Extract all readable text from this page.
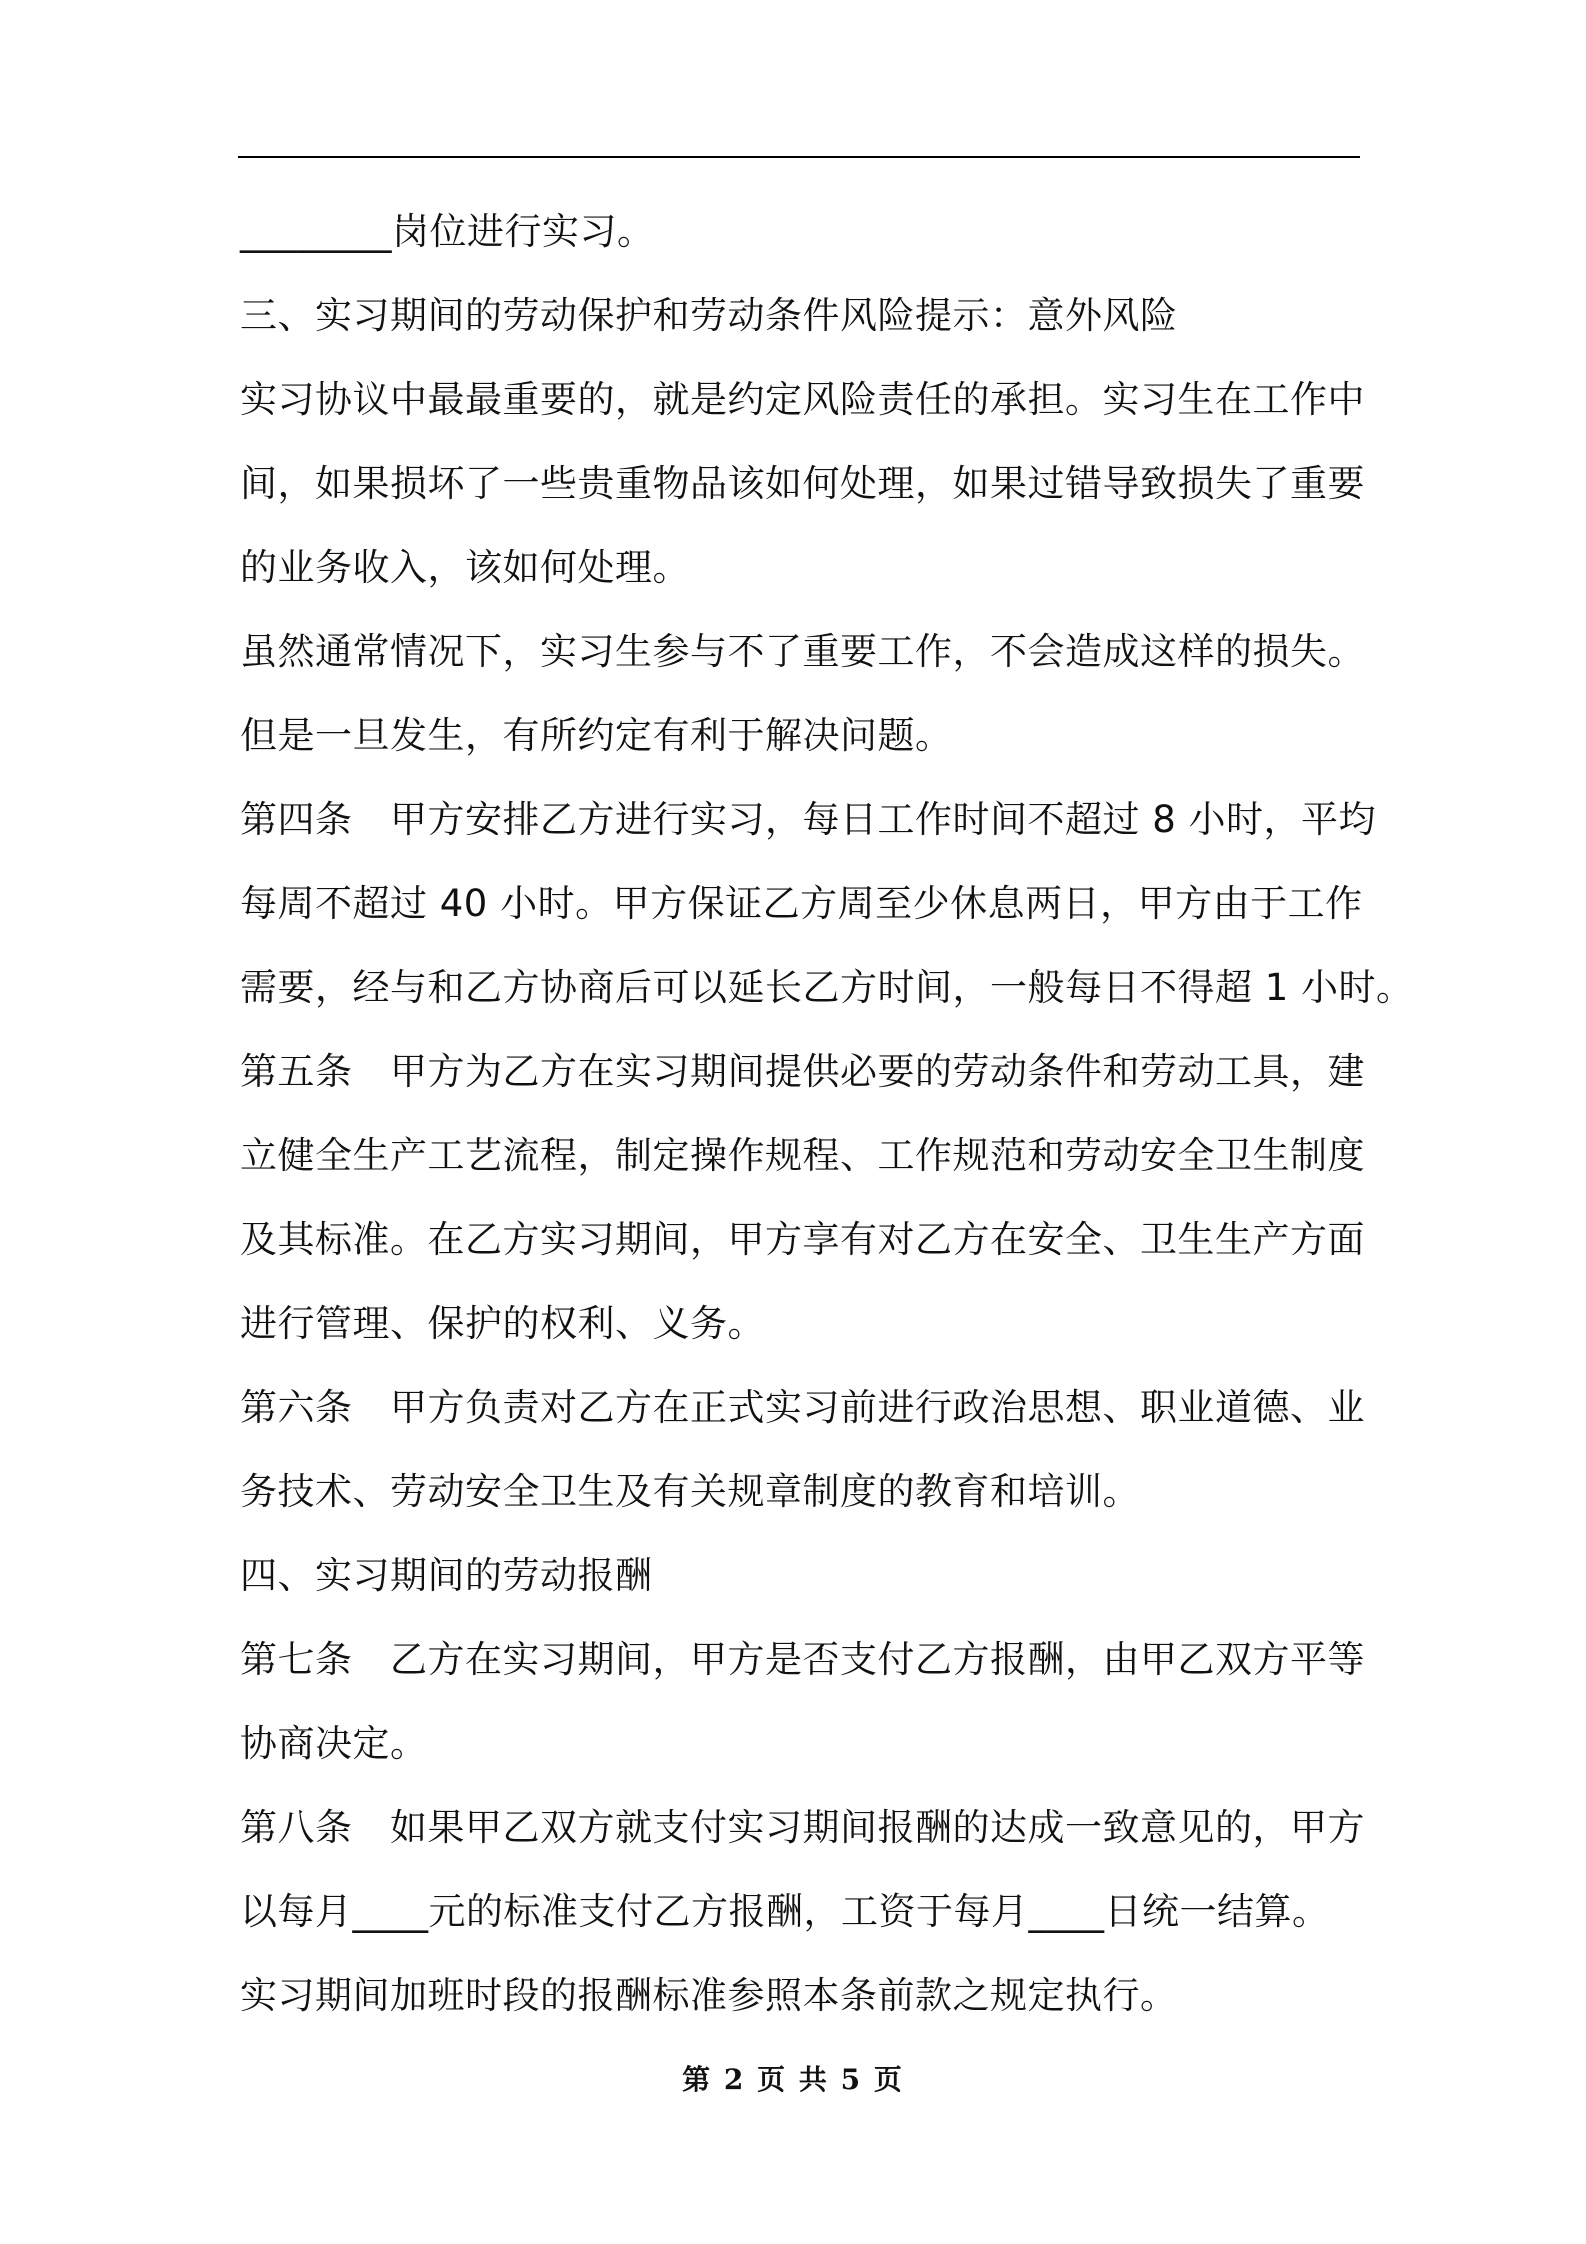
________岗位进行实习。
三、实习期间的劳动保护和劳动条件风险提示：意外风险
实习协议中最最重要的，就是约定风险责任的承担。实习生在工作中
间，如果损坏了一些贵重物品该如何处理，如果过错导致损失了重要
的业务收入，该如何处理。
虽然通常情况下，实习生参与不了重要工作，不会造成这样的损失。
但是一旦发生，有所约定有利于解决问题。
第四条　甲方安排乙方进行实习，每日工作时间不超过 8 小时，平均
每周不超过 40 小时。甲方保证乙方周至少休息两日，甲方由于工作
需要，经与和乙方协商后可以延长乙方时间，一般每日不得超 1 小时。
第五条　甲方为乙方在实习期间提供必要的劳动条件和劳动工具，建
立健全生产工艺流程，制定操作规程、工作规范和劳动安全卫生制度
及其标准。在乙方实习期间，甲方享有对乙方在安全、卫生生产方面
进行管理、保护的权利、义务。
第六条　甲方负责对乙方在正式实习前进行政治思想、职业道德、业
务技术、劳动安全卫生及有关规章制度的教育和培训。
四、实习期间的劳动报酬
第七条　乙方在实习期间，甲方是否支付乙方报酬，由甲乙双方平等
协商决定。
第八条　如果甲乙双方就支付实习期间报酬的达成一致意见的，甲方
以每月____元的标准支付乙方报酬，工资于每月____日统一结算。
实习期间加班时段的报酬标准参照本条前款之规定执行。

第 2 页 共 5 页
